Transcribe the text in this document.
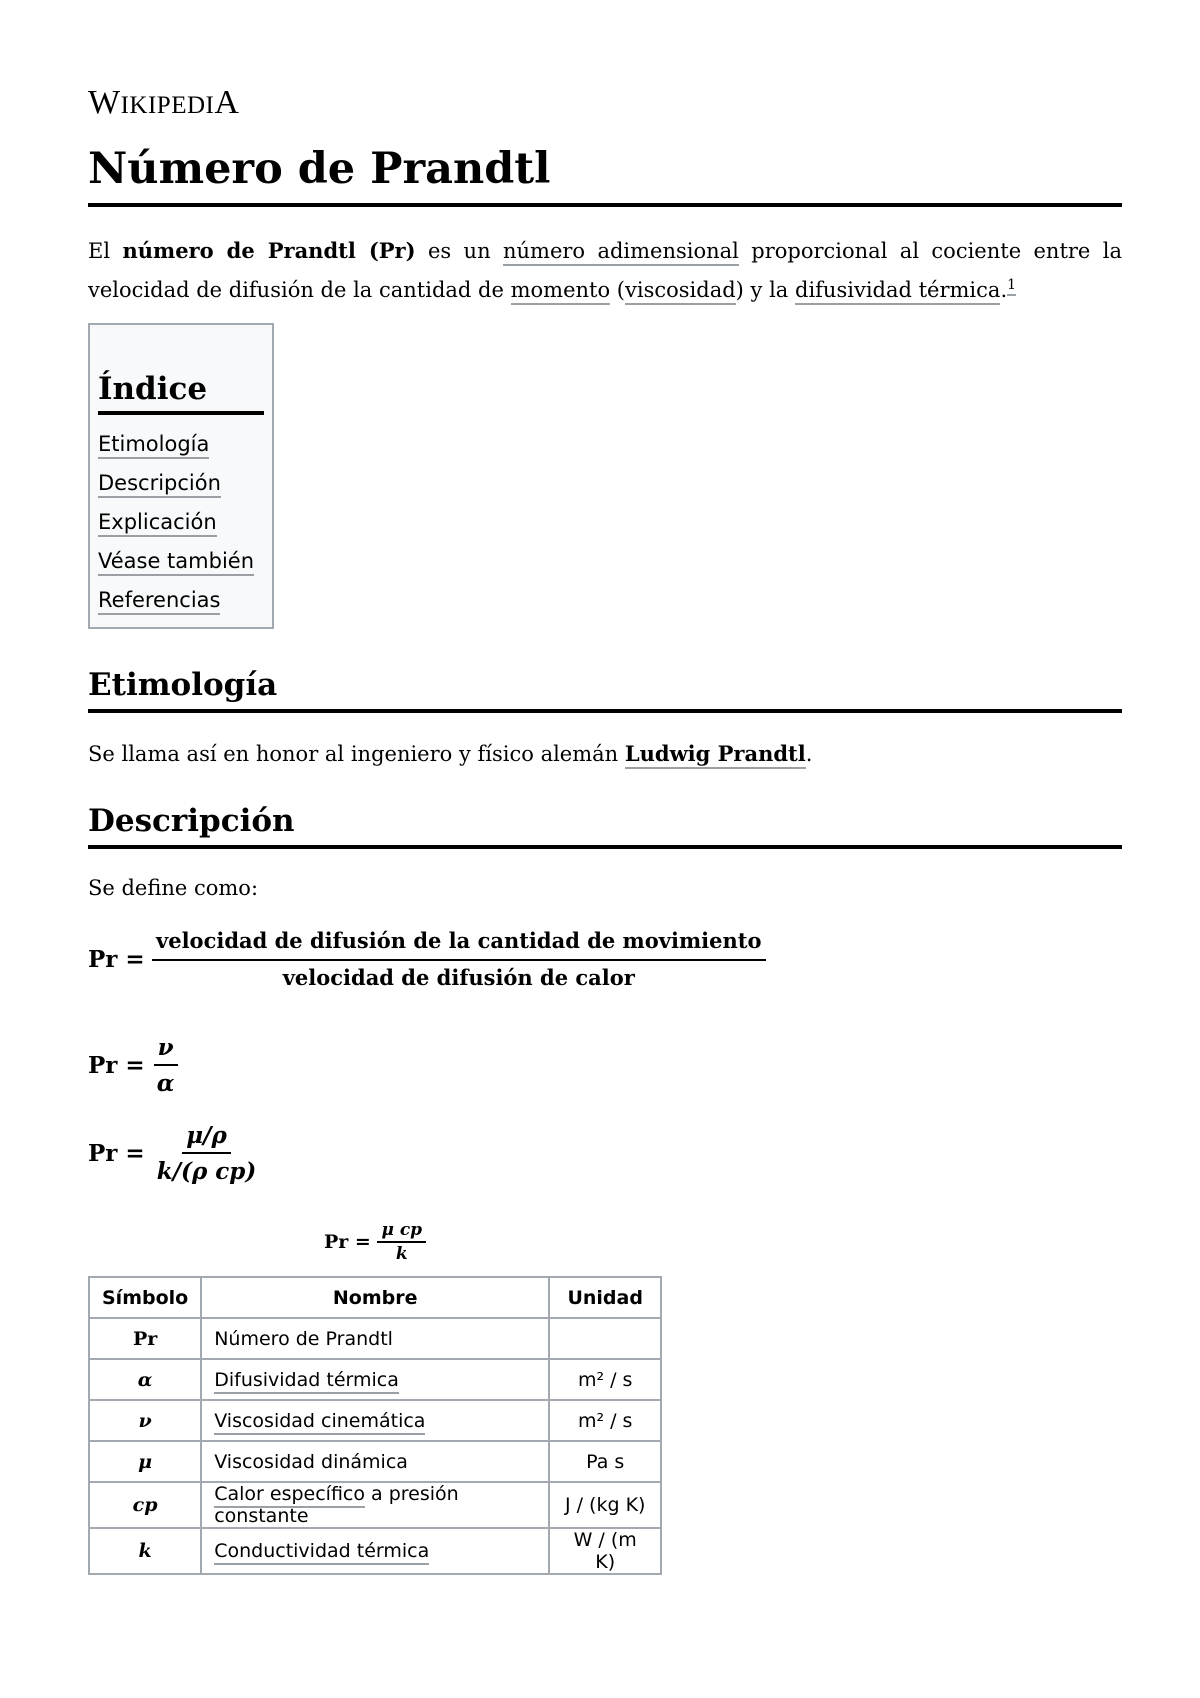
WIKIPEDIA
Número de Prandtl

El número de Prandtl (Pr) es un número adimensional proporcional al cociente entre la velocidad de difusión de la cantidad de momento (viscosidad) y la difusividad térmica.$^1$

Índice
Etimología
Descripción
Explicación
Véase también
Referencias
Etimología

Se llama así en honor al ingeniero y físico alemán Ludwig Prandtl.

Descripción

Se define como:

$Pr = \frac{\text{velocidad de difusión de la cantidad de movimiento}}{\text{velocidad de difusión de calor}}$
$Pr = \frac{\nu}{\alpha}$
$Pr = \frac{\mu/\rho}{\text{k/(ρ cp)}}$
$Pr = \frac{\text{μ cp}}{k}$
Símbolo	Nombre	Unidad
Pr	Número de Prandtl	
α	Difusividad térmica	m² / s
ν	Viscosidad cinemática	m² / s
μ	Viscosidad dinámica	Pa s
cp	Calor específico a presión constante	J / (kg K)
k	Conductividad térmica	W / (m K)
